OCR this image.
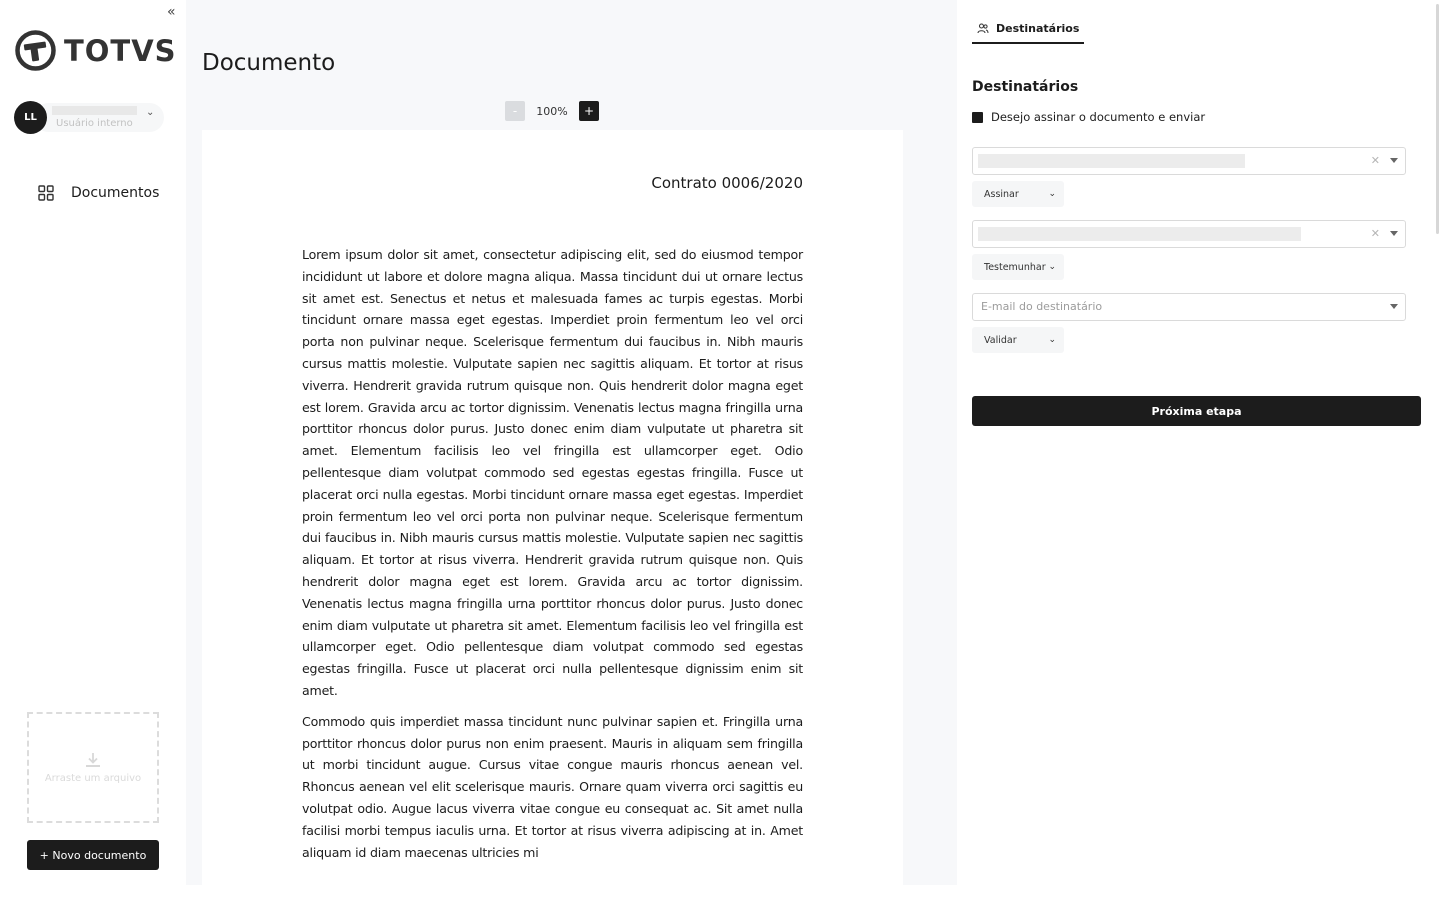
«
TOTVS
LL
Usuário interno
⌄
Documentos
Arraste um arquivo
+ Novo documento
Documento
-	100%	+
Contrato 0006/2020

Lorem ipsum dolor sit amet, consectetur adipiscing elit, sed do eiusmod tempor incididunt ut labore et dolore magna aliqua. Massa tincidunt dui ut ornare lectus sit amet est. Senectus et netus et malesuada fames ac turpis egestas. Morbi tincidunt ornare massa eget egestas. Imperdiet proin fermentum leo vel orci porta non pulvinar neque. Scelerisque fermentum dui faucibus in. Nibh mauris cursus mattis molestie. Vulputate sapien nec sagittis aliquam. Et tortor at risus viverra. Hendrerit gravida rutrum quisque non. Quis hendrerit dolor magna eget est lorem. Gravida arcu ac tortor dignissim. Venenatis lectus magna fringilla urna porttitor rhoncus dolor purus. Justo donec enim diam vulputate ut pharetra sit amet. Elementum facilisis leo vel fringilla est ullamcorper eget. Odio pellentesque diam volutpat commodo sed egestas egestas fringilla. Fusce ut placerat orci nulla egestas. Morbi tincidunt ornare massa eget egestas. Imperdiet proin fermentum leo vel orci porta non pulvinar neque. Scelerisque fermentum dui faucibus in. Nibh mauris cursus mattis molestie. Vulputate sapien nec sagittis aliquam. Et tortor at risus viverra. Hendrerit gravida rutrum quisque non. Quis hendrerit dolor magna eget est lorem. Gravida arcu ac tortor dignissim. Venenatis lectus magna fringilla urna porttitor rhoncus dolor purus. Justo donec enim diam vulputate ut pharetra sit amet. Elementum facilisis leo vel fringilla est ullamcorper eget. Odio pellentesque diam volutpat commodo sed egestas egestas fringilla. Fusce ut placerat orci nulla pellentesque dignissim enim sit amet.

Commodo quis imperdiet massa tincidunt nunc pulvinar sapien et. Fringilla urna porttitor rhoncus dolor purus non enim praesent. Mauris in aliquam sem fringilla ut morbi tincidunt augue. Cursus vitae congue mauris rhoncus aenean vel. Rhoncus aenean vel elit scelerisque mauris. Ornare quam viverra orci sagittis eu volutpat odio. Augue lacus viverra vitae congue eu consequat ac. Sit amet nulla facilisi morbi tempus iaculis urna. Et tortor at risus viverra adipiscing at in. Amet aliquam id diam maecenas ultricies mi

Destinatários
Destinatários
Desejo assinar o documento e enviar
✕
Assinar	⌄
✕
Testemunhar ⌄
E-mail do destinatário
Validar	⌄
Próxima etapa
